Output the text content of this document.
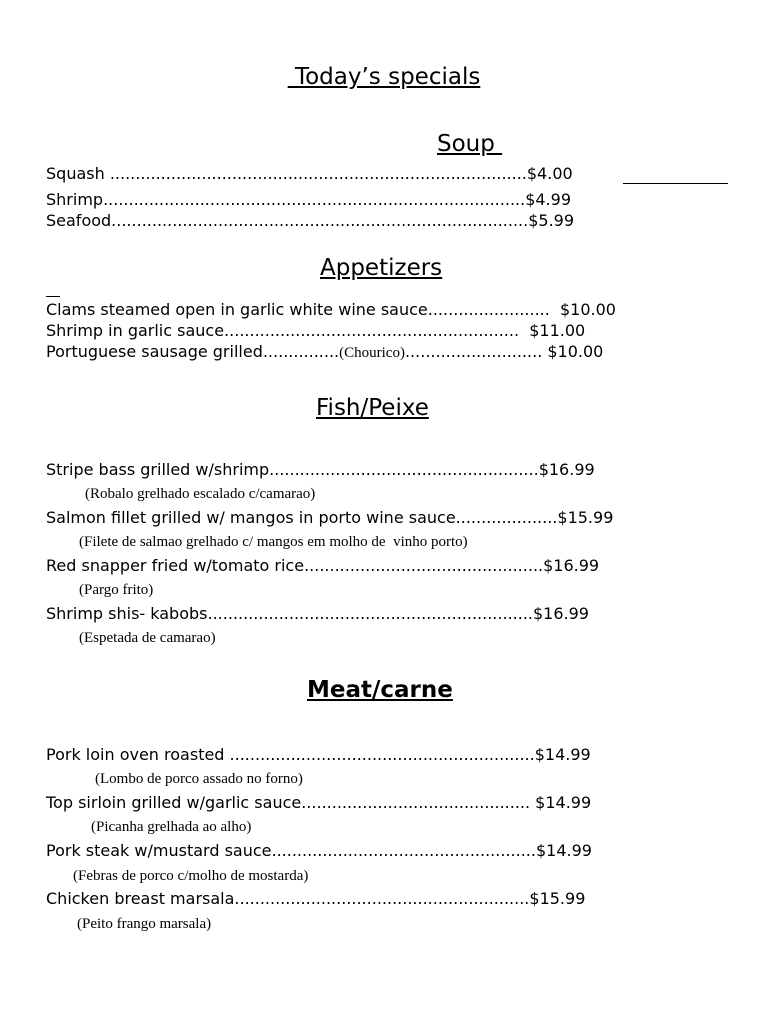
Today’s specials
Soup
Squash ..................................................................................$4.00
Shrimp...................................................................................$4.99
Seafood..................................................................................$5.99
Appetizers
Clams steamed open in garlic white wine sauce........................  $10.00
Shrimp in garlic sauce..........................................................  $11.00
Portuguese sausage grilled...............(Chourico)........................... $10.00
Fish/Peixe
Stripe bass grilled w/shrimp.....................................................$16.99
(Robalo grelhado escalado c/camarao)
Salmon fillet grilled w/ mangos in porto wine sauce....................$15.99
(Filete de salmao grelhado c/ mangos em molho de  vinho porto)
Red snapper fried w/tomato rice...............................................$16.99
(Pargo frito)
Shrimp shis- kabobs................................................................$16.99
(Espetada de camarao)
Meat/carne
Pork loin oven roasted ............................................................$14.99
(Lombo de porco assado no forno)
Top sirloin grilled w/garlic sauce............................................. $14.99
(Picanha grelhada ao alho)
Pork steak w/mustard sauce....................................................$14.99
(Febras de porco c/molho de mostarda)
Chicken breast marsala..........................................................$15.99
(Peito frango marsala)
